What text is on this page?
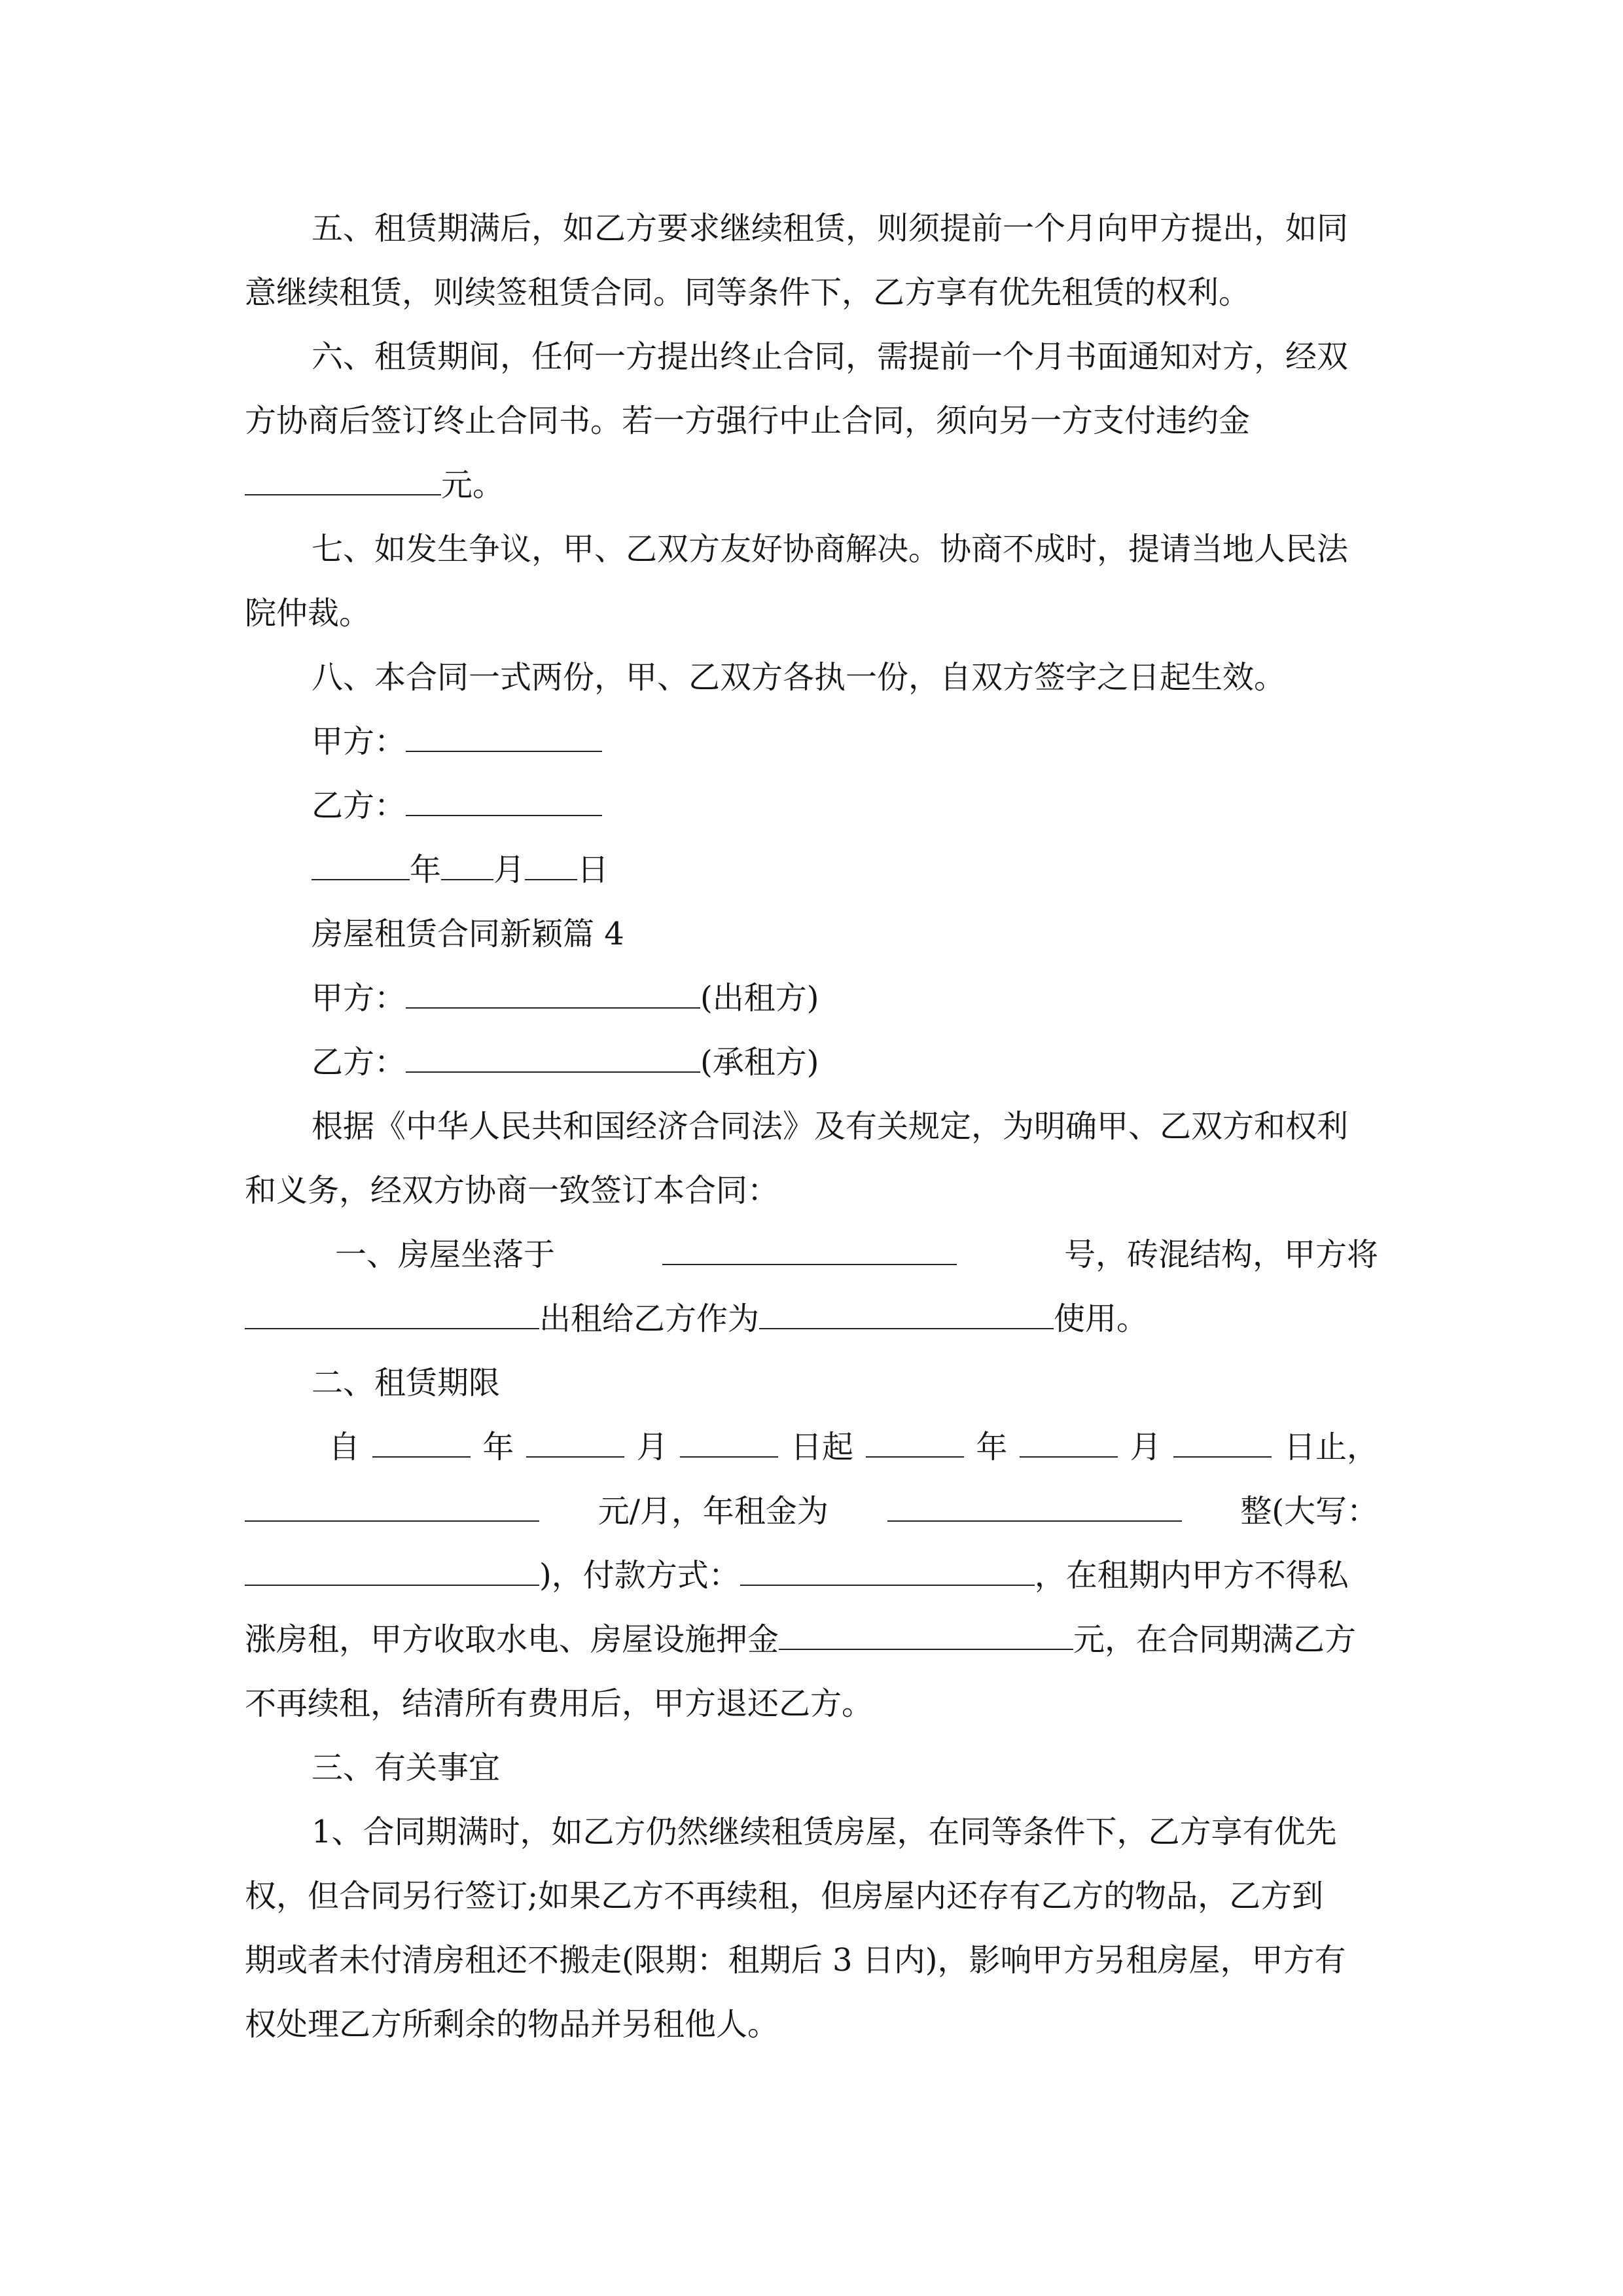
五、租赁期满后，如乙方要求继续租赁，则须提前一个月向甲方提出，如同

意继续租赁，则续签租赁合同。同等条件下，乙方享有优先租赁的权利。

六、租赁期间，任何一方提出终止合同，需提前一个月书面通知对方，经双

方协商后签订终止合同书。若一方强行中止合同，须向另一方支付违约金

元。

七、如发生争议，甲、乙双方友好协商解决。协商不成时，提请当地人民法

院仲裁。

八、本合同一式两份，甲、乙双方各执一份，自双方签字之日起生效。

甲方：

乙方：

年 月 日

房屋租赁合同新颖篇 4

甲方：	(出租方)

乙方：	(承租方)

根据《中华人民共和国经济合同法》及有关规定，为明确甲、乙双方和权利

和义务，经双方协商一致签订本合同：

一、房屋坐落于	号，砖混结构，甲方将

出租给乙方作为	使用。

二、租赁期限

自	年	月	日起	年	月	日止，

元/月，年租金为	整(大写：

)，付款方式：	，在租期内甲方不得私

涨房租，甲方收取水电、房屋设施押金	元，在合同期满乙方

不再续租，结清所有费用后，甲方退还乙方。

三、有关事宜

1、合同期满时，如乙方仍然继续租赁房屋，在同等条件下，乙方享有优先

权，但合同另行签订;如果乙方不再续租，但房屋内还存有乙方的物品，乙方到

期或者未付清房租还不搬走(限期：租期后 3 日内)，影响甲方另租房屋，甲方有

权处理乙方所剩余的物品并另租他人。
